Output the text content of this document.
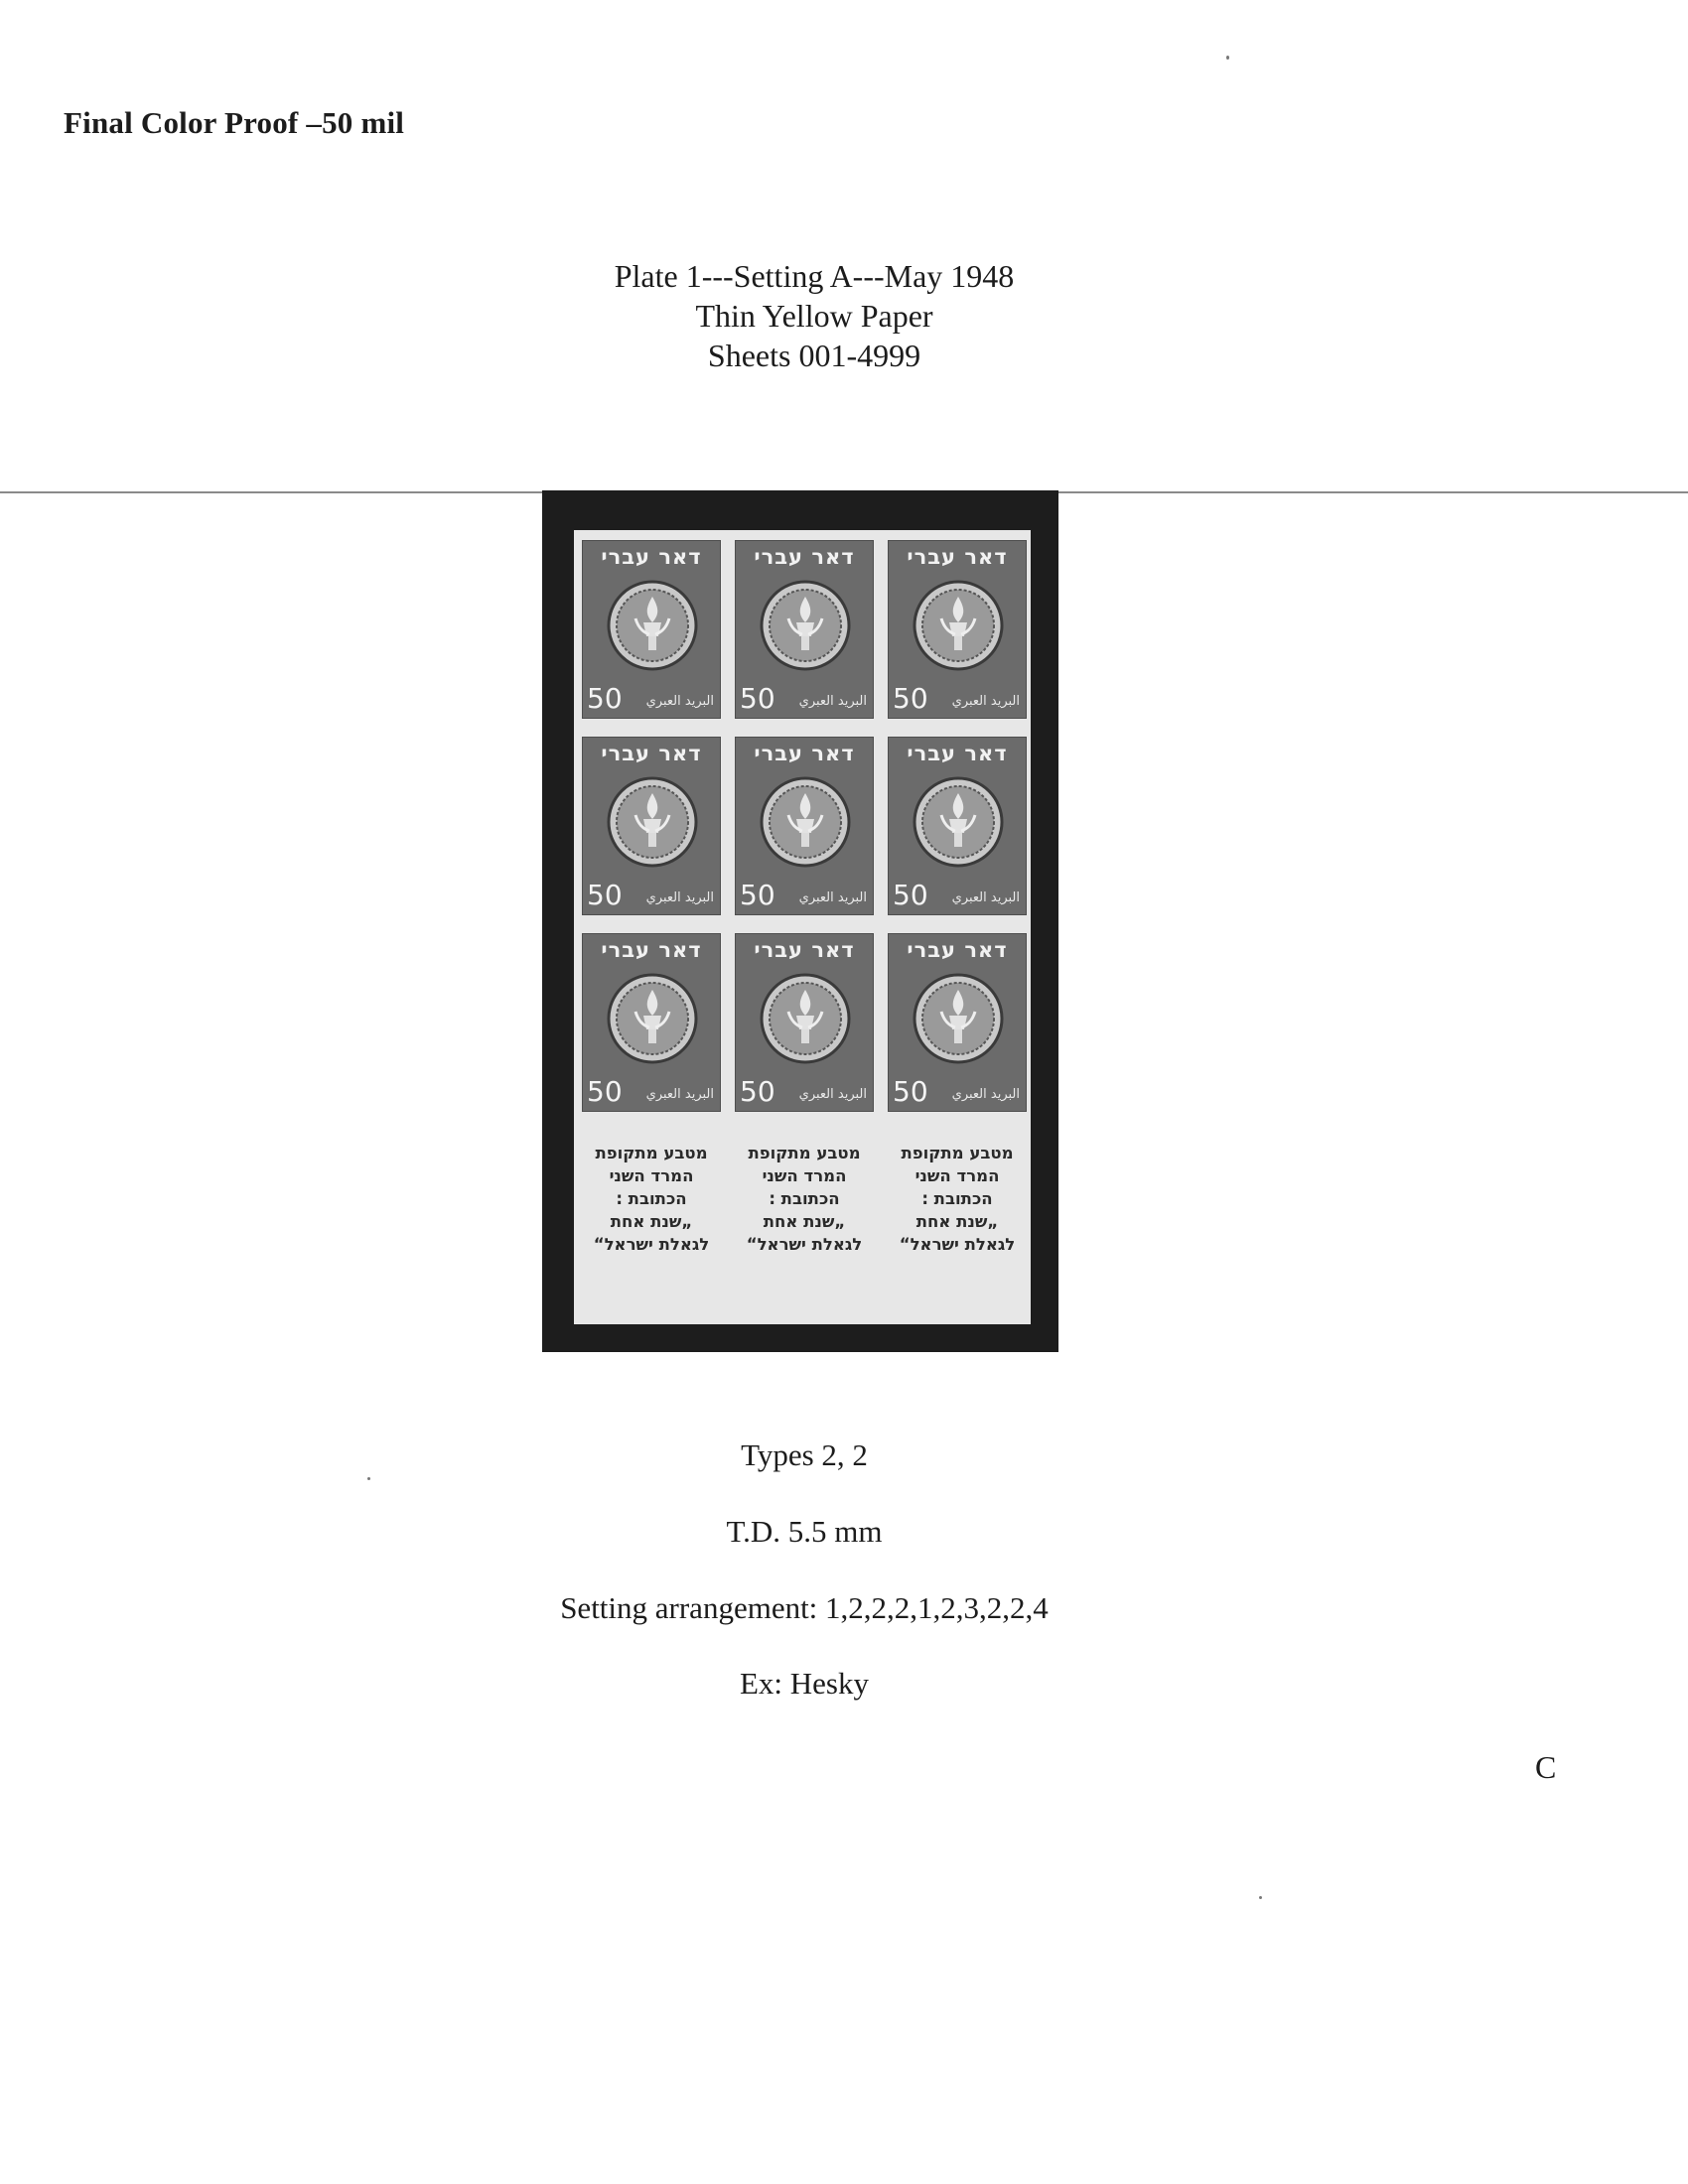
Final Color Proof –50 mil
Plate 1---Setting A---May 1948
Thin Yellow Paper
Sheets 001-4999
דאר עברי
50 البريد العبري
דאר עברי
50 البريد العبري
דאר עברי
50 البريد العبري
דאר עברי
50 البريد العبري
דאר עברי
50 البريد العبري
דאר עברי
50 البريد العبري
דאר עברי
50 البريد العبري
דאר עברי
50 البريد العبري
דאר עברי
50 البريد العبري
מטבע מתקופת
המרד השני
הכתובת :
„שנת אחת
לגאלת ישראל“
מטבע מתקופת
המרד השני
הכתובת :
„שנת אחת
לגאלת ישראל“
מטבע מתקופת
המרד השני
הכתובת :
„שנת אחת
לגאלת ישראל“
Types 2, 2
T.D. 5.5 mm
Setting arrangement: 1,2,2,2,1,2,3,2,2,4
Ex: Hesky
C
